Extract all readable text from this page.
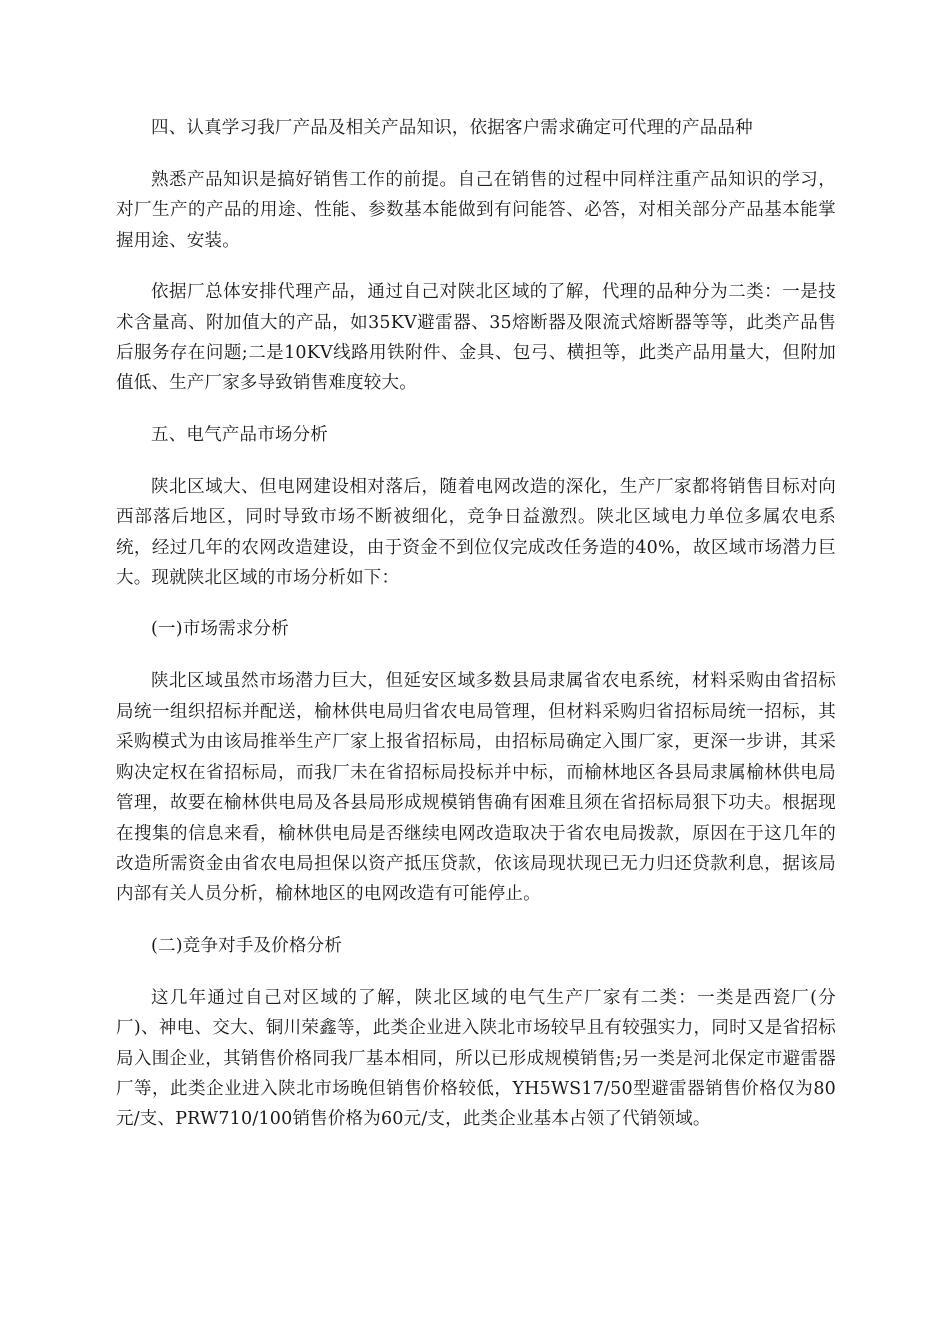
四、认真学习我厂产品及相关产品知识，依据客户需求确定可代理的产品品种

熟悉产品知识是搞好销售工作的前提。自己在销售的过程中同样注重产品知识的学习，对厂生产的产品的用途、性能、参数基本能做到有问能答、必答，对相关部分产品基本能掌握用途、安装。

依据厂总体安排代理产品，通过自己对陕北区域的了解，代理的品种分为二类：一是技术含量高、附加值大的产品，如35KV避雷器、35熔断器及限流式熔断器等等，此类产品售后服务存在问题;二是10KV线路用铁附件、金具、包弓、横担等，此类产品用量大，但附加值低、生产厂家多导致销售难度较大。

五、电气产品市场分析

陕北区域大、但电网建设相对落后，随着电网改造的深化，生产厂家都将销售目标对向西部落后地区，同时导致市场不断被细化，竞争日益激烈。陕北区域电力单位多属农电系统，经过几年的农网改造建设，由于资金不到位仅完成改任务造的40%，故区域市场潜力巨大。现就陕北区域的市场分析如下：

(一)市场需求分析

陕北区域虽然市场潜力巨大，但延安区域多数县局隶属省农电系统，材料采购由省招标局统一组织招标并配送，榆林供电局归省农电局管理，但材料采购归省招标局统一招标，其采购模式为由该局推举生产厂家上报省招标局，由招标局确定入围厂家，更深一步讲，其采购决定权在省招标局，而我厂未在省招标局投标并中标，而榆林地区各县局隶属榆林供电局管理，故要在榆林供电局及各县局形成规模销售确有困难且须在省招标局狠下功夫。根据现在搜集的信息来看，榆林供电局是否继续电网改造取决于省农电局拨款，原因在于这几年的改造所需资金由省农电局担保以资产抵压贷款，依该局现状现已无力归还贷款利息，据该局内部有关人员分析，榆林地区的电网改造有可能停止。

(二)竞争对手及价格分析

这几年通过自己对区域的了解，陕北区域的电气生产厂家有二类：一类是西瓷厂(分厂)、神电、交大、铜川荣鑫等，此类企业进入陕北市场较早且有较强实力，同时又是省招标局入围企业，其销售价格同我厂基本相同，所以已形成规模销售;另一类是河北保定市避雷器厂等，此类企业进入陕北市场晚但销售价格较低，YH5WS17/50型避雷器销售价格仅为80元/支、PRW710/100销售价格为60元/支，此类企业基本占领了代销领域。
